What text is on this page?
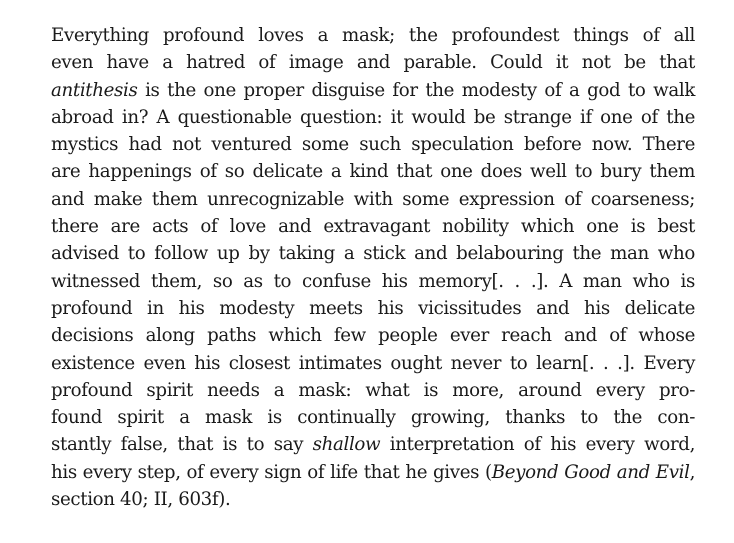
Everything profound loves a mask; the profoundest things of all
even have a hatred of image and parable. Could it not be that
antithesis is the one proper disguise for the modesty of a god to walk
abroad in? A questionable question: it would be strange if one of the
mystics had not ventured some such speculation before now. There
are happenings of so delicate a kind that one does well to bury them
and make them unrecognizable with some expression of coarseness;
there are acts of love and extravagant nobility which one is best
advised to follow up by taking a stick and belabouring the man who
witnessed them, so as to confuse his memory[. . .]. A man who is
profound in his modesty meets his vicissitudes and his delicate
decisions along paths which few people ever reach and of whose
existence even his closest intimates ought never to learn[. . .]. Every
profound spirit needs a mask: what is more, around every pro-
found spirit a mask is continually growing, thanks to the con-
stantly false, that is to say shallow interpretation of his every word,
his every step, of every sign of life that he gives (Beyond Good and Evil,
section 40; II, 603f).
